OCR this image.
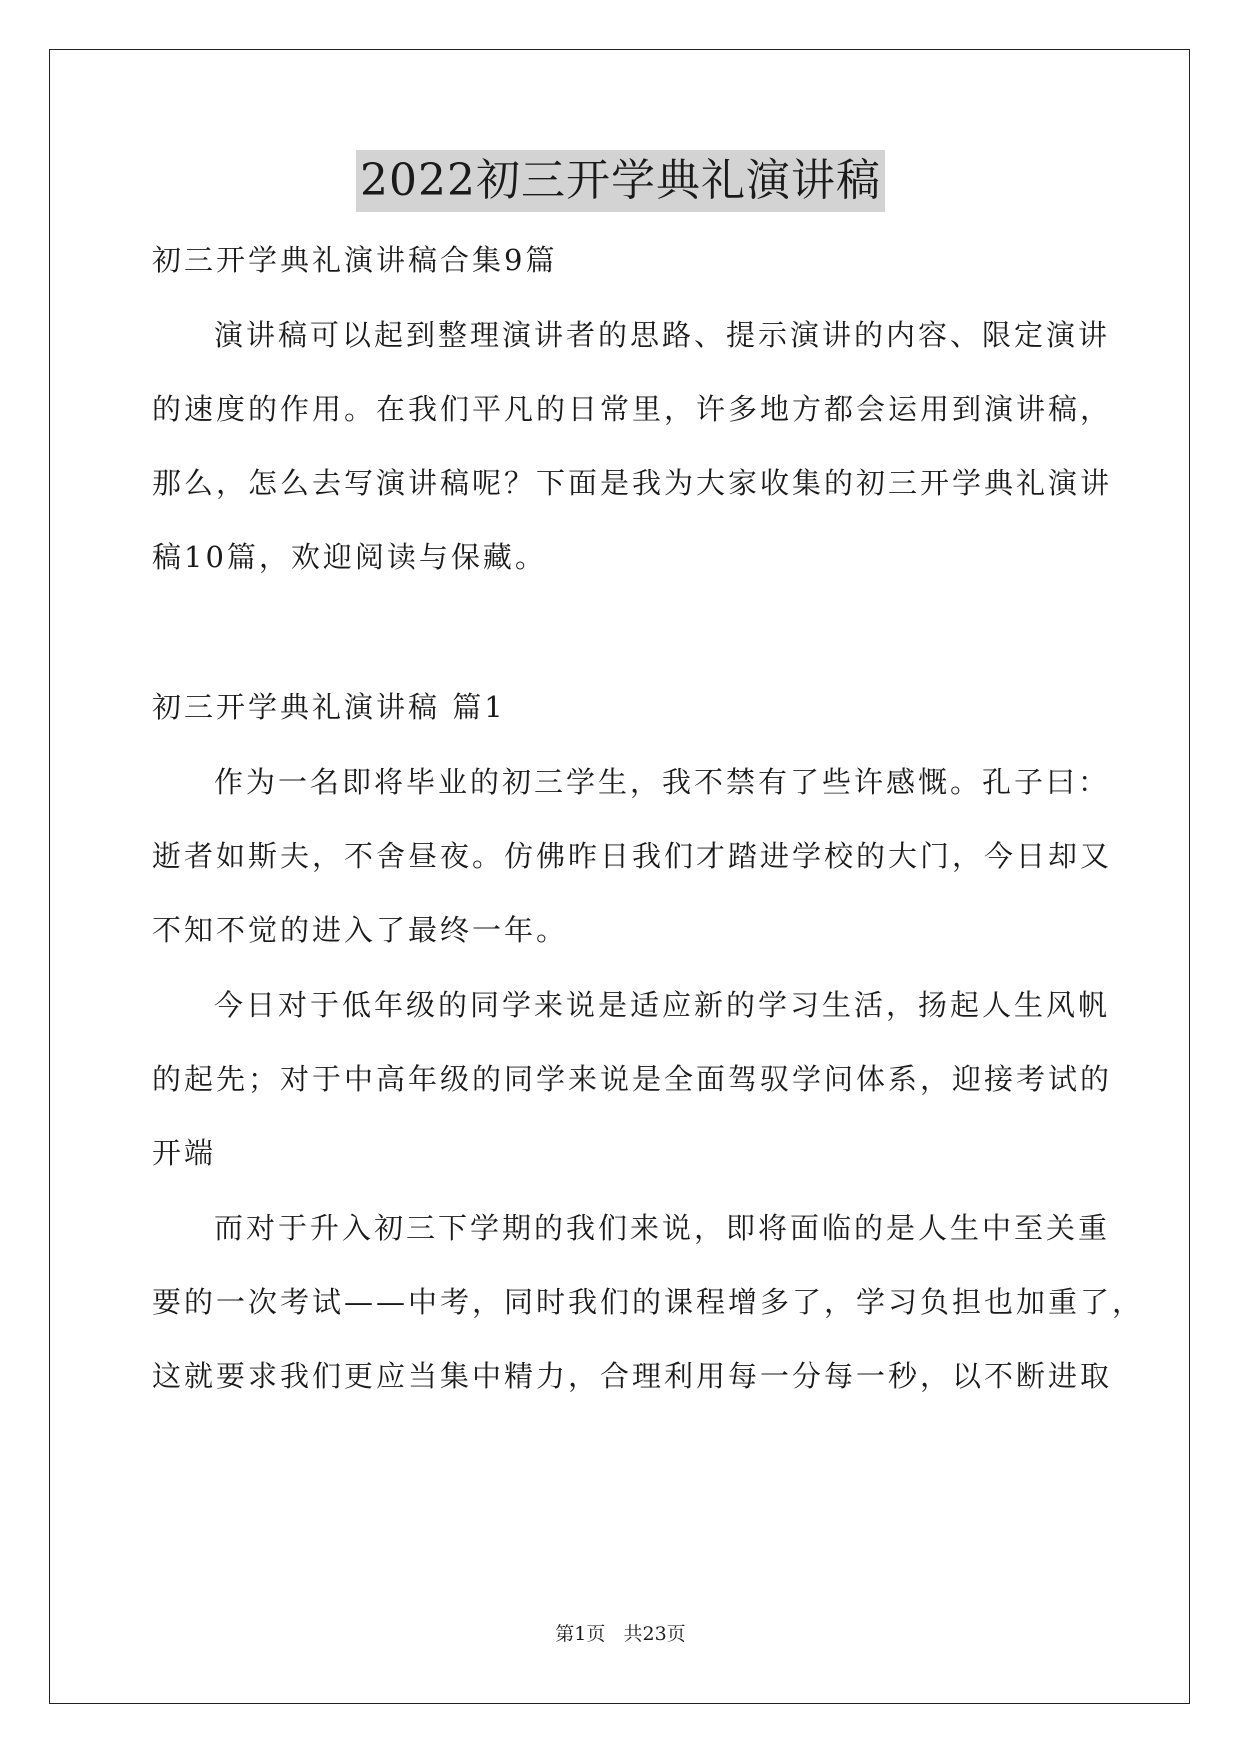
2022初三开学典礼演讲稿
初三开学典礼演讲稿合集9篇
演讲稿可以起到整理演讲者的思路、提示演讲的内容、限定演讲
的速度的作用。在我们平凡的日常里，许多地方都会运用到演讲稿，
那么，怎么去写演讲稿呢？下面是我为大家收集的初三开学典礼演讲
稿10篇，欢迎阅读与保藏。
初三开学典礼演讲稿 篇1
作为一名即将毕业的初三学生，我不禁有了些许感慨。孔子曰：
逝者如斯夫，不舍昼夜。仿佛昨日我们才踏进学校的大门，今日却又
不知不觉的进入了最终一年。
今日对于低年级的同学来说是适应新的学习生活，扬起人生风帆
的起先；对于中高年级的同学来说是全面驾驭学问体系，迎接考试的
开端
而对于升入初三下学期的我们来说，即将面临的是人生中至关重
要的一次考试——中考，同时我们的课程增多了，学习负担也加重了，
这就要求我们更应当集中精力，合理利用每一分每一秒，以不断进取
第1页   共23页
